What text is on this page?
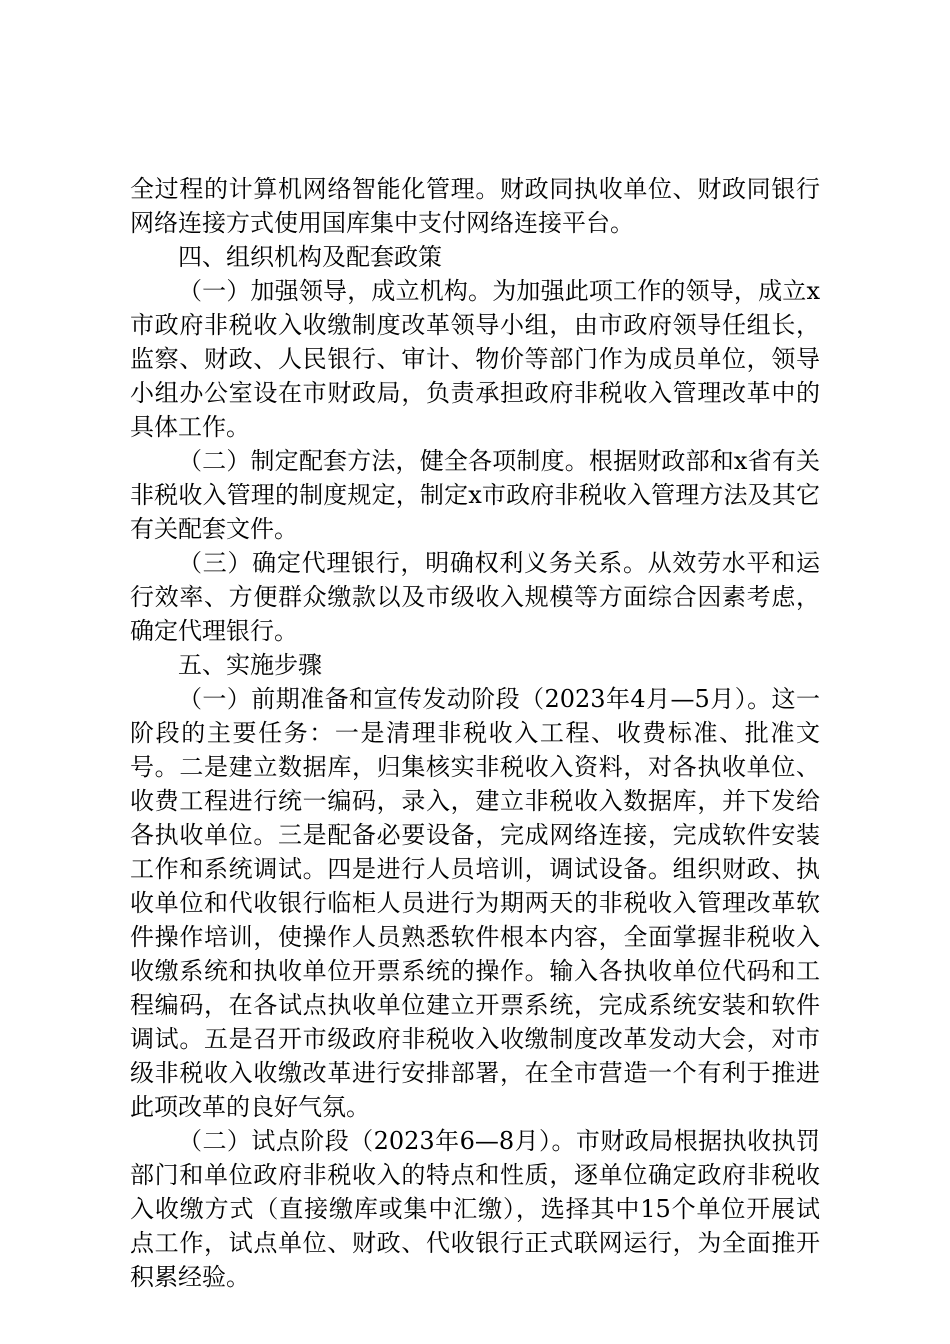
全过程的计算机网络智能化管理。财政同执收单位、财政同银行网络连接方式使用国库集中支付网络连接平台。

四、组织机构及配套政策

（一）加强领导，成立机构。为加强此项工作的领导，成立x市政府非税收入收缴制度改革领导小组，由市政府领导任组长，监察、财政、人民银行、审计、物价等部门作为成员单位，领导小组办公室设在市财政局，负责承担政府非税收入管理改革中的具体工作。

（二）制定配套方法，健全各项制度。根据财政部和x省有关非税收入管理的制度规定，制定x市政府非税收入管理方法及其它有关配套文件。

（三）确定代理银行，明确权利义务关系。从效劳水平和运行效率、方便群众缴款以及市级收入规模等方面综合因素考虑，确定代理银行。

五、实施步骤

（一）前期准备和宣传发动阶段（2023年4月—5月）。这一阶段的主要任务：一是清理非税收入工程、收费标准、批准文号。二是建立数据库，归集核实非税收入资料，对各执收单位、收费工程进行统一编码，录入，建立非税收入数据库，并下发给各执收单位。三是配备必要设备，完成网络连接，完成软件安装工作和系统调试。四是进行人员培训，调试设备。组织财政、执收单位和代收银行临柜人员进行为期两天的非税收入管理改革软件操作培训，使操作人员熟悉软件根本内容，全面掌握非税收入收缴系统和执收单位开票系统的操作。输入各执收单位代码和工程编码，在各试点执收单位建立开票系统，完成系统安装和软件调试。五是召开市级政府非税收入收缴制度改革发动大会，对市级非税收入收缴改革进行安排部署，在全市营造一个有利于推进此项改革的良好气氛。

（二）试点阶段（2023年6—8月）。市财政局根据执收执罚部门和单位政府非税收入的特点和性质，逐单位确定政府非税收入收缴方式（直接缴库或集中汇缴），选择其中15个单位开展试点工作，试点单位、财政、代收银行正式联网运行，为全面推开积累经验。
